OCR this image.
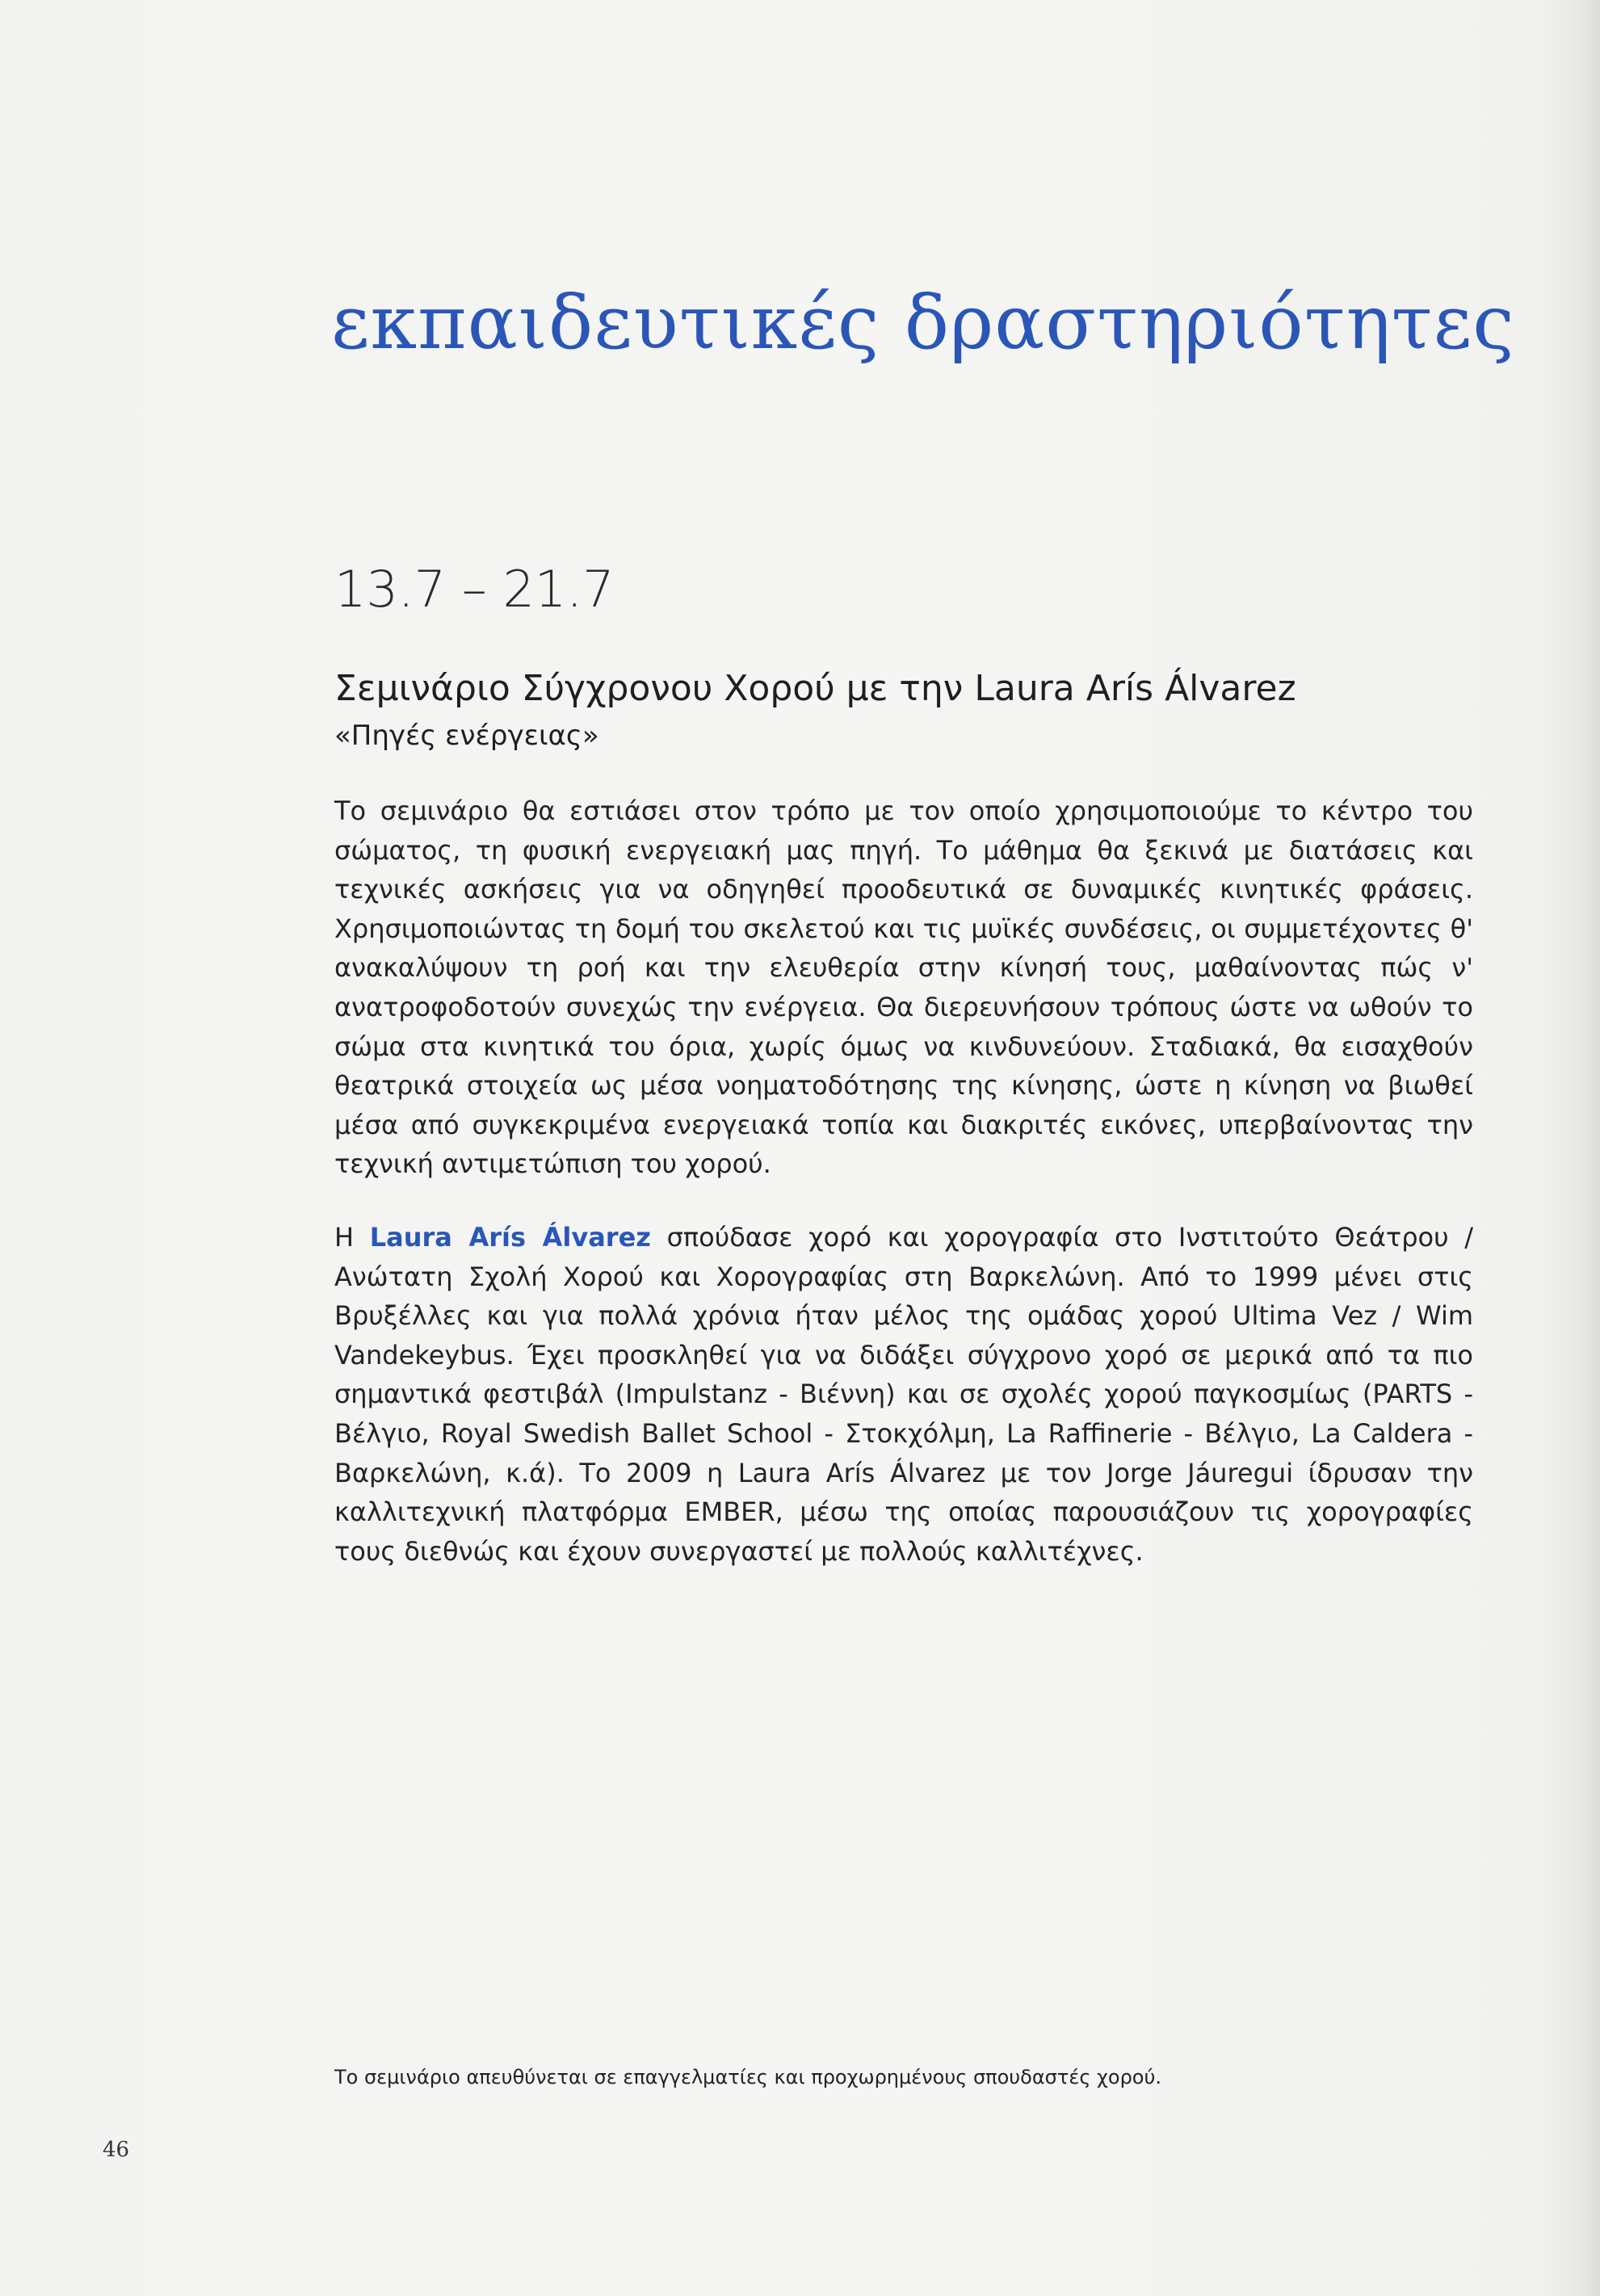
εκπαιδευτικές δραστηριότητες
13.7 – 21.7
Σεμινάριο Σύγχρονου Χορού με την Laura Arís Álvarez
«Πηγές ενέργειας»

Το σεμινάριο θα εστιάσει στον τρόπο με τον οποίο χρησιμοποιούμε το κέντρο του σώματος, τη φυσική ενεργειακή μας πηγή. Το μάθημα θα ξεκινά με διατάσεις και τεχνικές ασκήσεις για να οδηγηθεί προοδευτικά σε δυναμικές κινητικές φράσεις. Χρησιμοποιώντας τη δομή του σκελετού και τις μυϊκές συνδέσεις, οι συμμετέχοντες θ' ανακαλύψουν τη ροή και την ελευθερία στην κίνησή τους, μαθαίνοντας πώς ν' ανατροφοδοτούν συνεχώς την ενέργεια. Θα διερευνήσουν τρόπους ώστε να ωθούν το σώμα στα κινητικά του όρια, χωρίς όμως να κινδυνεύουν. Σταδιακά, θα εισαχθούν θεατρικά στοιχεία ως μέσα νοηματοδότησης της κίνησης, ώστε η κίνηση να βιωθεί μέσα από συγκεκριμένα ενεργειακά τοπία και διακριτές εικόνες, υπερβαίνοντας την τεχνική αντιμετώπιση του χορού.

Η Laura Arís Álvarez σπούδασε χορό και χορογραφία στο Ινστιτούτο Θεάτρου / Ανώτατη Σχολή Χορού και Χορογραφίας στη Βαρκελώνη. Από το 1999 μένει στις Βρυξέλλες και για πολλά χρόνια ήταν μέλος της ομάδας χορού Ultima Vez / Wim Vandekeybus. Έχει προσκληθεί για να διδάξει σύγχρονο χορό σε μερικά από τα πιο σημαντικά φεστιβάλ (Impulstanz - Βιέννη) και σε σχολές χορού παγκοσμίως (PARTS - Βέλγιο, Royal Swedish Ballet School - Στοκχόλμη, La Raffinerie - Βέλγιο, La Caldera - Βαρκελώνη, κ.ά). Το 2009 η Laura Arís Álvarez με τον Jorge Jáuregui ίδρυσαν την καλλιτεχνική πλατφόρμα EMBER, μέσω της οποίας παρουσιάζουν τις χορογραφίες τους διεθνώς και έχουν συνεργαστεί με πολλούς καλλιτέχνες.

Το σεμινάριο απευθύνεται σε επαγγελματίες και προχωρημένους σπουδαστές χορού.
46
